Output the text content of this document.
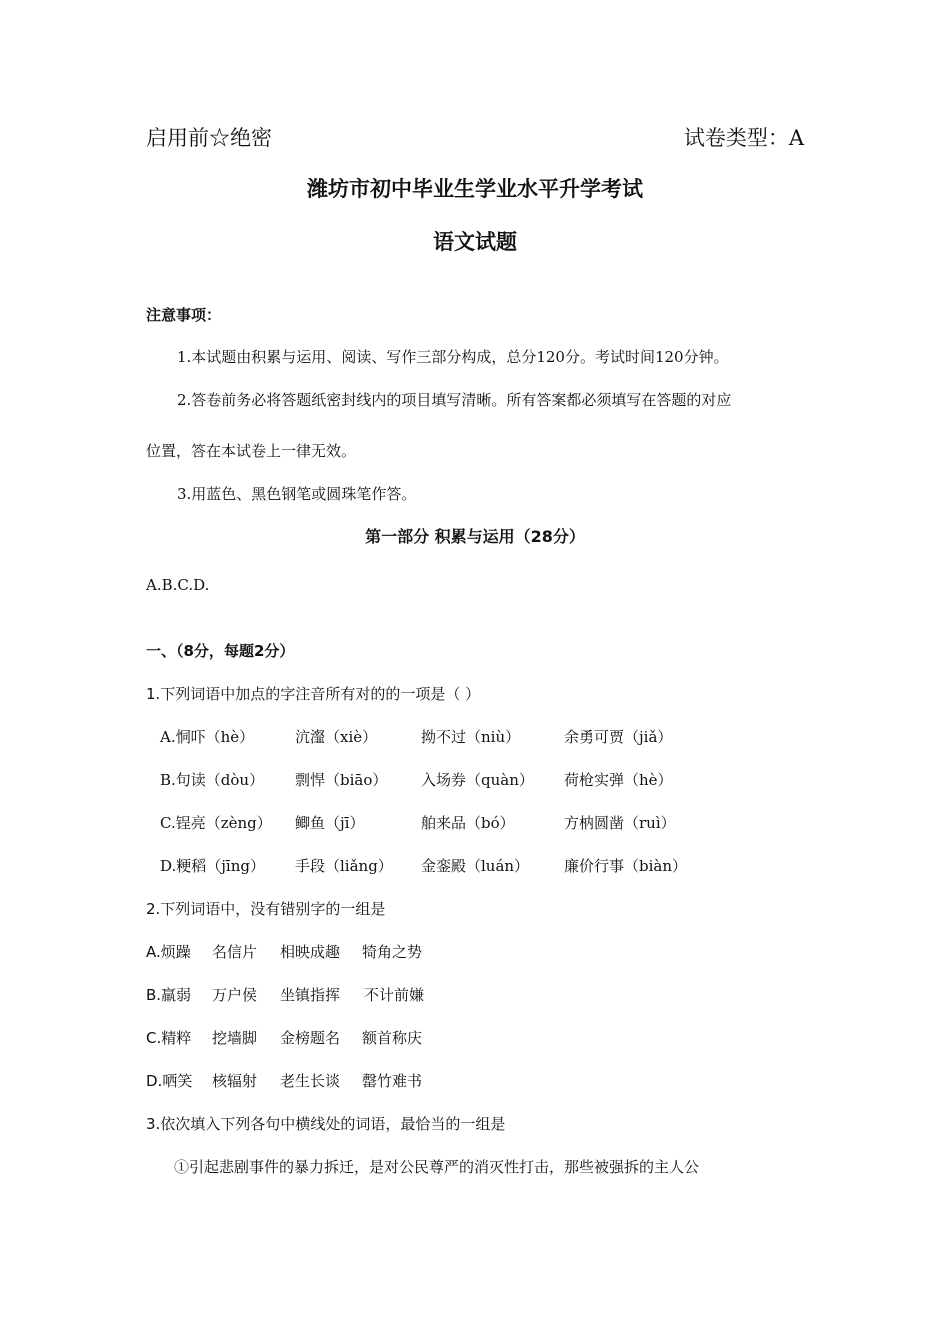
启用前☆绝密	试卷类型：A
潍坊市初中毕业生学业水平升学考试
语文试题
注意事项：
1.本试题由积累与运用、阅读、写作三部分构成，总分120分。考试时间120分钟。
2.答卷前务必将答题纸密封线内的项目填写清晰。所有答案都必须填写在答题的对应
位置，答在本试卷上一律无效。
3.用蓝色、黑色钢笔或圆珠笔作答。
第一部分 积累与运用（28分）
A.B.C.D.
一、（8分，每题2分）
1.下列词语中加点的字注音所有对的的一项是（ ）
A.恫吓（hè）	沆瀣（xiè）	拗不过（niù）	余勇可贾（jiǎ）
B.句读（dòu） 剽悍（biāo） 入场券（quàn） 荷枪实弹（hè）
C.锃亮（zèng） 鲫鱼（jī）	舶来品（bó）	方枘圆凿（ruì）
D.粳稻（jīng） 手段（liǎng） 金銮殿（luán） 廉价行事（biàn）
2.下列词语中，没有错别字的一组是
A.烦躁 名信片 相映成趣 犄角之势
B.羸弱 万户侯 坐镇指挥 不计前嫌
C.精粹 挖墙脚 金榜题名 额首称庆
D.哂笑 核辐射 老生长谈 罄竹难书
3.依次填入下列各句中横线处的词语，最恰当的一组是
①引起悲剧事件的暴力拆迁，是对公民尊严的消灭性打击，那些被强拆的主人公
